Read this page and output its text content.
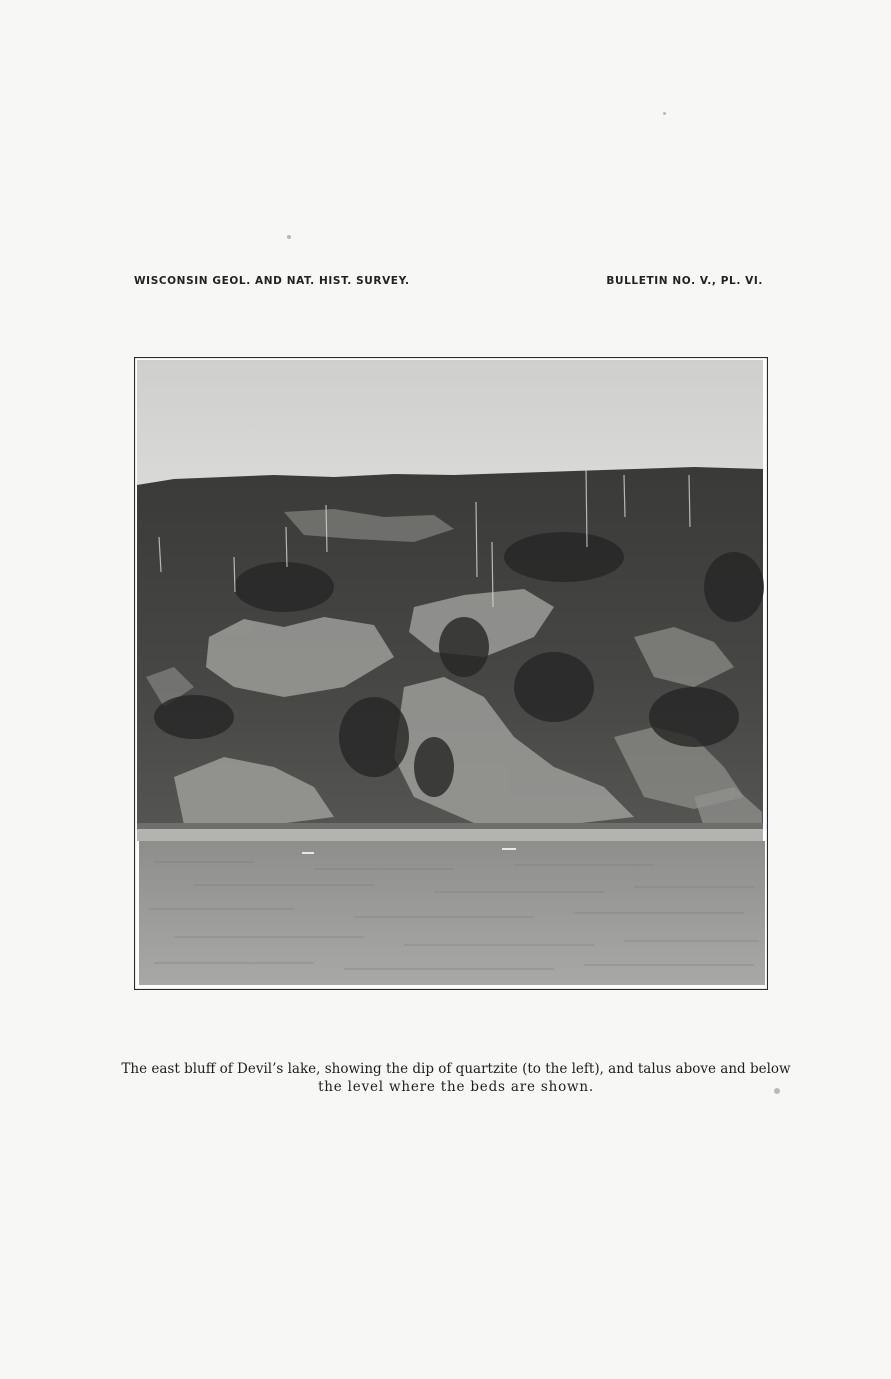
WISCONSIN GEOL. AND NAT. HIST. SURVEY.	BULLETIN NO. V., PL. VI.

The east bluff of Devil’s lake, showing the dip of quartzite (to the left), and talus above and below
the level where the beds are shown.
